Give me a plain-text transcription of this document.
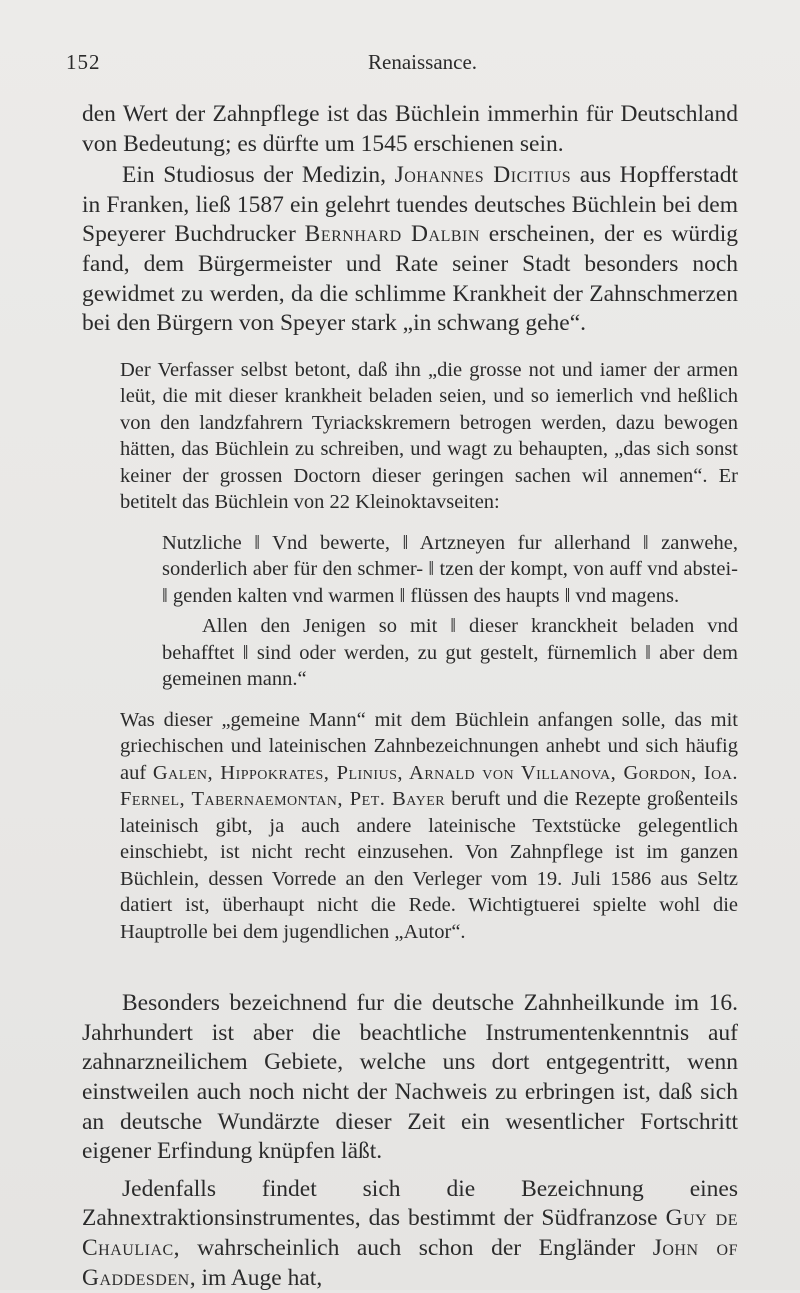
152	Renaissance.

den Wert der Zahnpflege ist das Büchlein immerhin für Deutschland von Bedeutung; es dürfte um 1545 erschienen sein.

Ein Studiosus der Medizin, Johannes Dicitius aus Hopfferstadt in Franken, ließ 1587 ein gelehrt tuendes deutsches Büchlein bei dem Speyerer Buchdrucker Bernhard Dalbin erscheinen, der es würdig fand, dem Bürgermeister und Rate seiner Stadt besonders noch gewidmet zu werden, da die schlimme Krankheit der Zahnschmerzen bei den Bürgern von Speyer stark „in schwang gehe“.

Der Verfasser selbst betont, daß ihn „die grosse not und iamer der armen leüt, die mit dieser krankheit beladen seien, und so iemerlich vnd heßlich von den landzfahrern Tyriackskremern betrogen werden, dazu bewogen hätten, das Büchlein zu schreiben, und wagt zu behaupten, „das sich sonst keiner der grossen Doctorn dieser geringen sachen wil annemen“. Er betitelt das Büchlein von 22 Kleinoktavseiten:

Nutzliche ‖ Vnd bewerte, ‖ Artzneyen fur allerhand ‖ zanwehe, sonderlich aber für den schmer- ‖ tzen der kompt, von auff vnd abstei- ‖ genden kalten vnd warmen ‖ flüssen des haupts ‖ vnd magens.

Allen den Jenigen so mit ‖ dieser kranckheit beladen vnd behafftet ‖ sind oder werden, zu gut gestelt, fürnemlich ‖ aber dem gemeinen mann.“

Was dieser „gemeine Mann“ mit dem Büchlein anfangen solle, das mit griechischen und lateinischen Zahnbezeichnungen anhebt und sich häufig auf Galen, Hippokrates, Plinius, Arnald von Villanova, Gordon, Ioa. Fernel, Tabernaemontan, Pet. Bayer beruft und die Rezepte großenteils lateinisch gibt, ja auch andere lateinische Textstücke gelegentlich einschiebt, ist nicht recht einzusehen. Von Zahnpflege ist im ganzen Büchlein, dessen Vorrede an den Verleger vom 19. Juli 1586 aus Seltz datiert ist, überhaupt nicht die Rede. Wichtigtuerei spielte wohl die Hauptrolle bei dem jugendlichen „Autor“.

Besonders bezeichnend fur die deutsche Zahnheilkunde im 16. Jahrhundert ist aber die beachtliche Instrumentenkenntnis auf zahnarzneilichem Gebiete, welche uns dort entgegentritt, wenn einstweilen auch noch nicht der Nachweis zu erbringen ist, daß sich an deutsche Wundärzte dieser Zeit ein wesentlicher Fortschritt eigener Erfindung knüpfen läßt.

Jedenfalls findet sich die Bezeichnung eines Zahnextraktionsinstrumentes, das bestimmt der Südfranzose Guy de Chauliac, wahrscheinlich auch schon der Engländer John of Gaddesden, im Auge hat,
